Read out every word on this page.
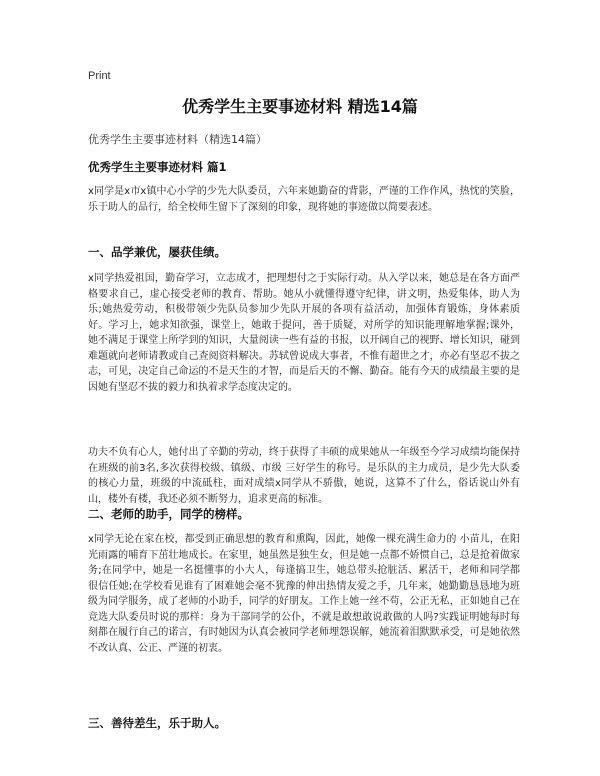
Print
优秀学生主要事迹材料 精选14篇
优秀学生主要事迹材料（精选14篇）
优秀学生主要事迹材料 篇1

x同学是x市x镇中心小学的少先大队委员，六年来她勤奋的背影，严谨的工作作风，热忱的笑脸，乐于助人的品行，给全校师生留下了深刻的印象，现将她的事迹做以简要表述。

一、品学兼优，屡获佳绩。

x同学热爱祖国，勤奋学习，立志成才，把理想付之于实际行动。从入学以来，她总是在各方面严格要求自己，虚心接受老师的教育、帮助。她从小就懂得遵守纪律，讲文明，热爱集体，助人为乐;她热爱劳动，积极带领少先队员参加少先队开展的各项有益活动，加强体育锻炼，身体素质好。学习上，她求知欲强，课堂上，她敢于提问，善于质疑，对所学的知识能理解地掌握;课外，她不满足于课堂上所学到的知识，大量阅读一些有益的书报，以开阔自己的视野、增长知识，碰到难题就向老师请教或自己查阅资料解决。苏轼曾说成大事者，不惟有超世之才，亦必有坚忍不拔之志，可见，决定自己命运的不是天生的才智，而是后天的不懈、勤奋。能有今天的成绩最主要的是因她有坚忍不拔的毅力和执着求学态度决定的。

功夫不负有心人，她付出了辛勤的劳动，终于获得了丰硕的成果她从一年级至今学习成绩均能保持在班级的前3名,多次获得校级、镇级、市级 三好学生的称号。是乐队的主力成员，是少先大队委的核心力量，班级的中流砥柱，面对成绩x同学从不骄傲，她说，这算不了什么，俗话说山外有山，楼外有楼，我还必须不断努力，追求更高的标准。

二、老师的助手，同学的榜样。

x同学无论在家在校，都受到正确思想的教育和熏陶，因此，她像一棵充满生命力的 小苗儿，在阳光雨露的哺育下茁壮地成长。在家里，她虽然是独生女，但是她一点都不娇惯自己，总是抢着做家务;在同学中，她是一名挺懂事的小大人，每逢搞卫生，她总带头抢脏活、累活干，老师和同学都很信任她;在学校看见谁有了困难她会毫不犹豫的伸出热情友爱之手，几年来，她勤勤恳恳地为班级为同学服务，成了老师的小助手，同学的好朋友。工作上她一丝不苟，公正无私，正如她自己在竞选大队委员时说的那样：身为干部同学的公仆，不就是敢想敢说敢做的人吗?实践证明她每时每刻都在履行自己的诺言，有时她因为认真会被同学老师埋怨误解，她流着泪默默承受，可是她依然不改认真、公正、严谨的初衷。

三、善待差生，乐于助人。
